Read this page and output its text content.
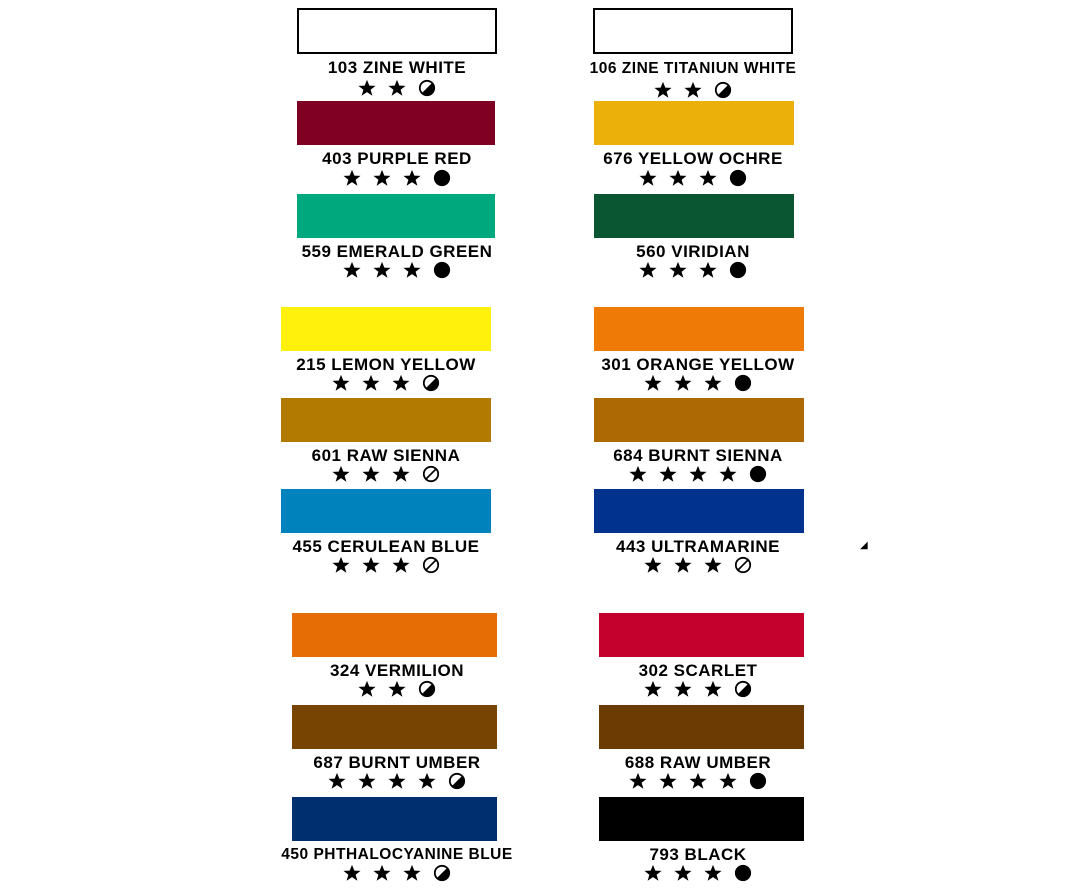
103 ZINE WHITE	106 ZINE TITANIUN WHITE
403 PURPLE RED	676 YELLOW OCHRE
559 EMERALD GREEN	560 VIRIDIAN
215 LEMON YELLOW	301 ORANGE YELLOW
601 RAW SIENNA	684 BURNT SIENNA
455 CERULEAN BLUE	443 ULTRAMARINE
324 VERMILION	302 SCARLET
687 BURNT UMBER	688 RAW UMBER
450 PHTHALOCYANINE BLUE	793 BLACK
◢
